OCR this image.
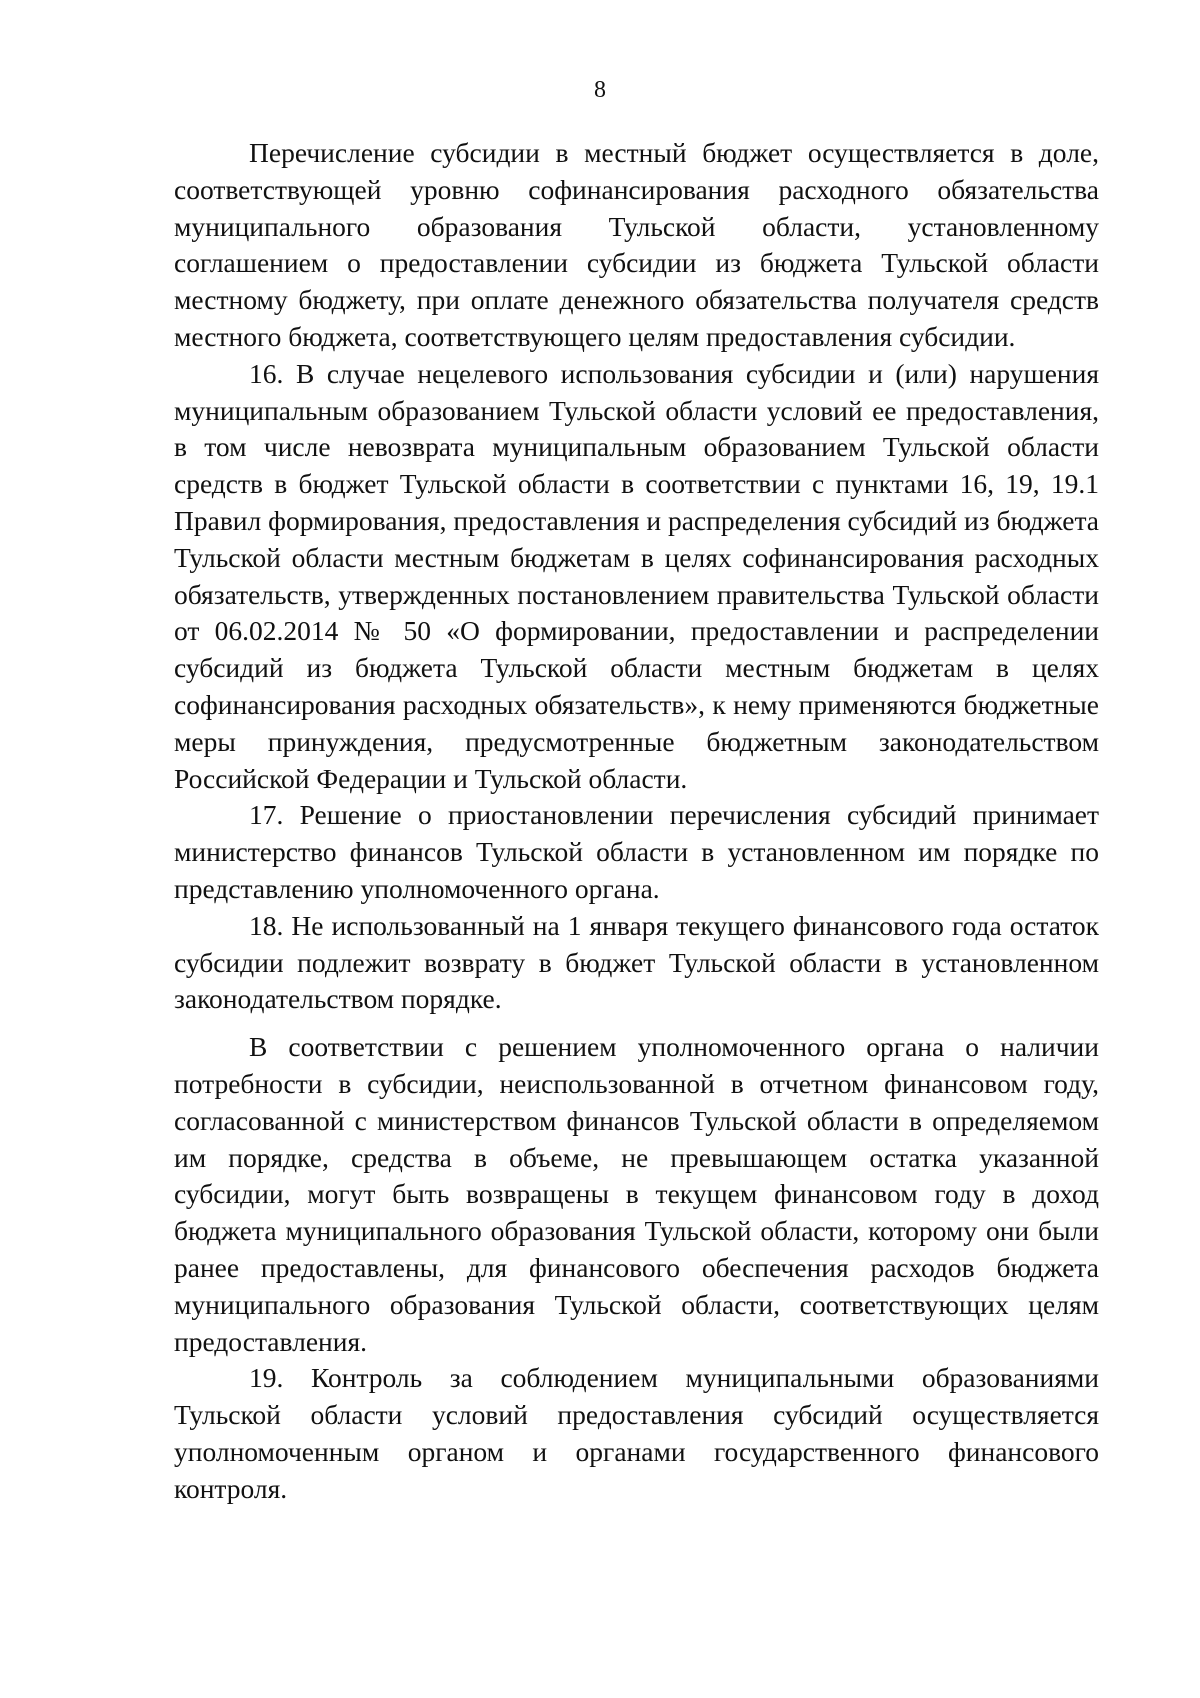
8

Перечисление субсидии в местный бюджет осуществляется в доле, соответствующей уровню софинансирования расходного обязательства муниципального образования Тульской области, установленному соглашением о предоставлении субсидии из бюджета Тульской области местному бюджету, при оплате денежного обязательства получателя средств местного бюджета, соответствующего целям предоставления субсидии.

16. В случае нецелевого использования субсидии и (или) нарушения муниципальным образованием Тульской области условий ее предоставления, в том числе невозврата муниципальным образованием Тульской области средств в бюджет Тульской области в соответствии с пунктами 16, 19, 19.1 Правил формирования, предоставления и распределения субсидий из бюджета Тульской области местным бюджетам в целях софинансирования расходных обязательств, утвержденных постановлением правительства Тульской области от 06.02.2014 № 50 «О формировании, предоставлении и распределении субсидий из бюджета Тульской области местным бюджетам в целях софинансирования расходных обязательств», к нему применяются бюджетные меры принуждения, предусмотренные бюджетным законодательством Российской Федерации и Тульской области.

17. Решение о приостановлении перечисления субсидий принимает министерство финансов Тульской области в установленном им порядке по представлению уполномоченного органа.

18. Не использованный на 1 января текущего финансового года остаток субсидии подлежит возврату в бюджет Тульской области в установленном законодательством порядке.

В соответствии с решением уполномоченного органа о наличии потребности в субсидии, неиспользованной в отчетном финансовом году, согласованной с министерством финансов Тульской области в определяемом им порядке, средства в объеме, не превышающем остатка указанной субсидии, могут быть возвращены в текущем финансовом году в доход бюджета муниципального образования Тульской области, которому они были ранее предоставлены, для финансового обеспечения расходов бюджета муниципального образования Тульской области, соответствующих целям предоставления.

19. Контроль за соблюдением муниципальными образованиями Тульской области условий предоставления субсидий осуществляется уполномоченным органом и органами государственного финансового контроля.
